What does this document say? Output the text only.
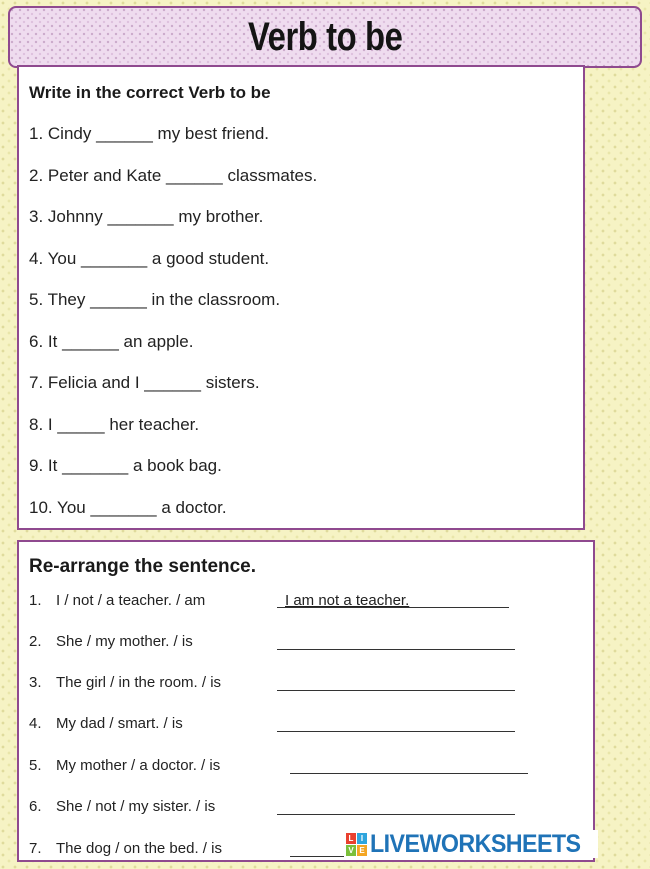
Verb to be
Write in the correct Verb to be
1. Cindy ______ my best friend.
2. Peter and Kate ______ classmates.
3. Johnny _______ my brother.
4. You _______ a good student.
5. They ______ in the classroom.
6. It ______ an apple.
7. Felicia and I ______ sisters.
8. I _____ her teacher.
9. It _______ a book bag.
10. You _______ a doctor.
Re-arrange the sentence.
1. I / not / a teacher. / am	I am not a teacher.
2. She / my mother. / is
3. The girl / in the room. / is
4. My dad / smart. / is
5. My mother / a doctor. / is
6. She / not / my sister. / is
7. The dog / on the bed. / is
L I
V E LIVEWORKSHEETS
